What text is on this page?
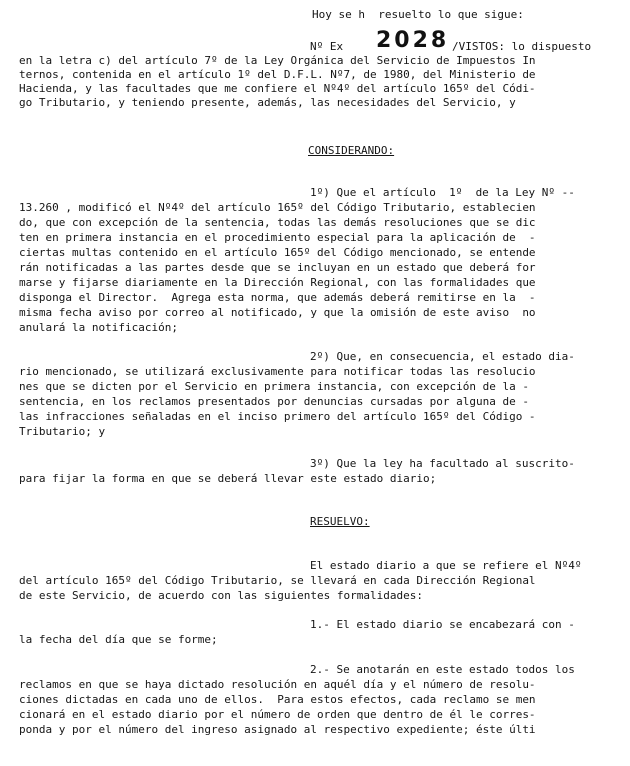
Hoy se h  resuelto lo que sigue:
Nº Ex 2028 /VISTOS: lo dispuesto
en la letra c) del artículo 7º de la Ley Orgánica del Servicio de Impuestos In
ternos, contenida en el artículo 1º del D.F.L. Nº7, de 1980, del Ministerio de
Hacienda, y las facultades que me confiere el Nº4º del artículo 165º del Códi-
go Tributario, y teniendo presente, además, las necesidades del Servicio, y
CONSIDERANDO:
1º) Que el artículo  1º  de la Ley Nº --
13.260 , modificó el Nº4º del artículo 165º del Código Tributario, establecien
do, que con excepción de la sentencia, todas las demás resoluciones que se dic
ten en primera instancia en el procedimiento especial para la aplicación de  -
ciertas multas contenido en el artículo 165º del Código mencionado, se entende
rán notificadas a las partes desde que se incluyan en un estado que deberá for
marse y fijarse diariamente en la Dirección Regional, con las formalidades que
disponga el Director.  Agrega esta norma, que además deberá remitirse en la  -
misma fecha aviso por correo al notificado, y que la omisión de este aviso  no
anulará la notificación;
2º) Que, en consecuencia, el estado dia-
rio mencionado, se utilizará exclusivamente para notificar todas las resolucio
nes que se dicten por el Servicio en primera instancia, con excepción de la -
sentencia, en los reclamos presentados por denuncias cursadas por alguna de -
las infracciones señaladas en el inciso primero del artículo 165º del Código -
Tributario; y
3º) Que la ley ha facultado al suscrito-
para fijar la forma en que se deberá llevar este estado diario;
RESUELVO:
El estado diario a que se refiere el Nº4º
del artículo 165º del Código Tributario, se llevará en cada Dirección Regional
de este Servicio, de acuerdo con las siguientes formalidades:
1.- El estado diario se encabezará con -
la fecha del día que se forme;
2.- Se anotarán en este estado todos los
reclamos en que se haya dictado resolución en aquél día y el número de resolu-
ciones dictadas en cada uno de ellos.  Para estos efectos, cada reclamo se men
cionará en el estado diario por el número de orden que dentro de él le corres-
ponda y por el número del ingreso asignado al respectivo expediente; éste últi
